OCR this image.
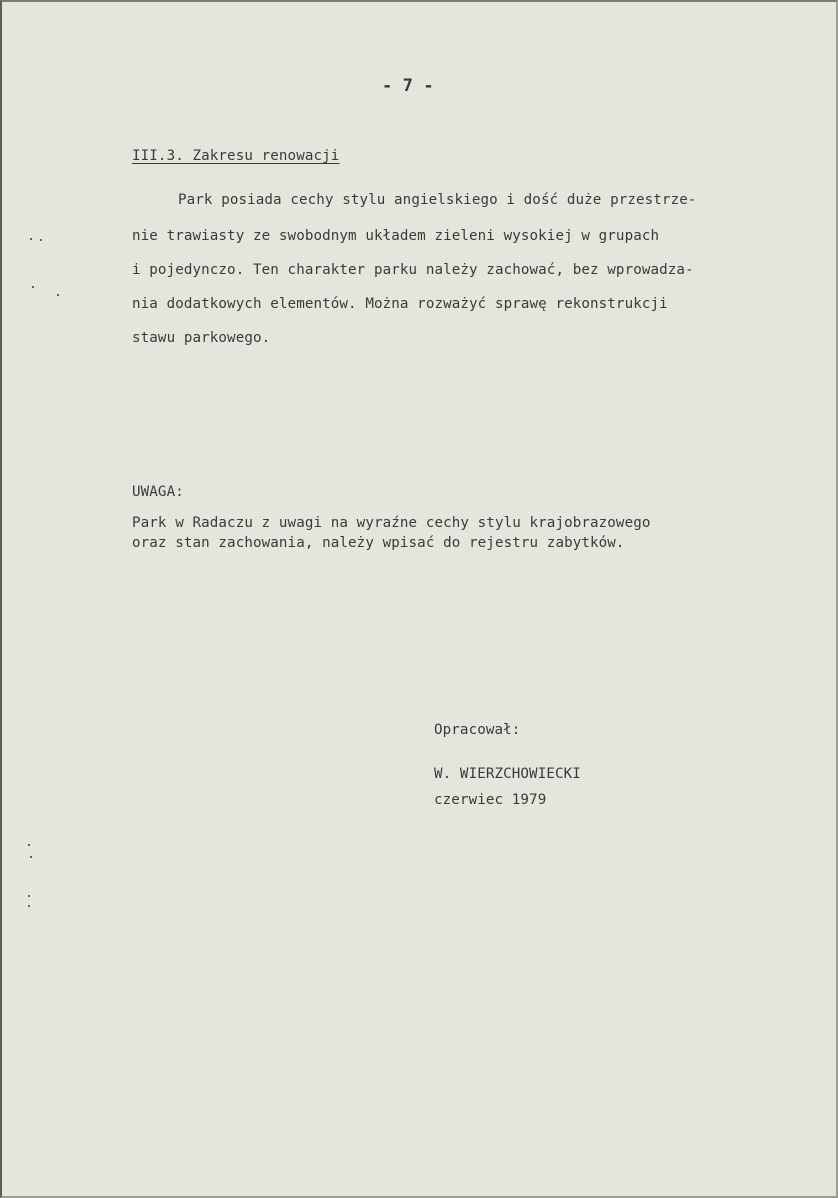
- 7 -

III.3. Zakresu renowacji

Park posiada cechy stylu angielskiego i dość duże przestrze-

nie trawiasty ze swobodnym układem zieleni wysokiej w grupach

i pojedynczo. Ten charakter parku należy zachować, bez wprowadza-

nia dodatkowych elementów. Można rozważyć sprawę rekonstrukcji

stawu parkowego.

UWAGA:

Park w Radaczu z uwagi na wyraźne cechy stylu krajobrazowego

oraz stan zachowania, należy wpisać do rejestru zabytków.

Opracował:

W. WIERZCHOWIECKI

czerwiec 1979
